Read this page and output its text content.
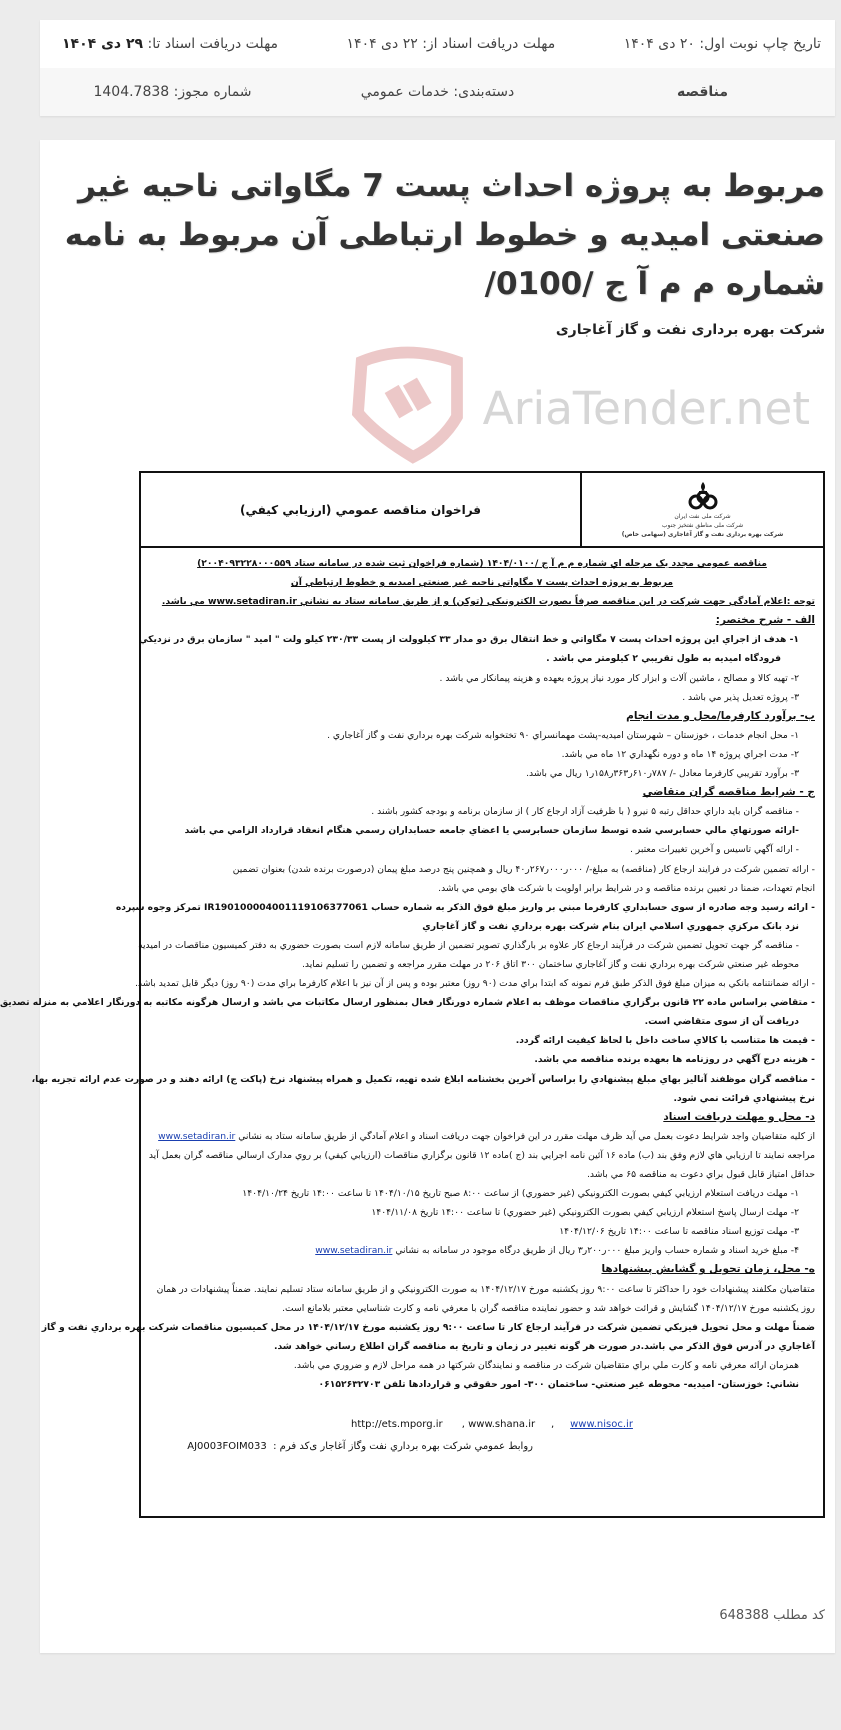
تاریخ چاپ نوبت اول: ۲۰ دی ۱۴۰۴
مهلت دریافت اسناد از: ۲۲ دی ۱۴۰۴
مهلت دریافت اسناد تا: ۲۹ دی ۱۴۰۴
مناقصه
دسته‌بندی: خدمات عمومي
شماره مجوز: 1404.7838
مربوط به پروژه احداث پست 7 مگاواتی ناحیه غیر صنعتی امیدیه و خطوط ارتباطی آن مربوط به نامه شماره م م آ ج /0100/
شرکت بهره برداری نفت و گاز آغاجاری
AriaTender.net
شرکت ملی نفت ایران
شرکت ملی مناطق نفتخیز جنوب
شرکت بهره برداری نفت و گاز آغاجاری (سهامی خاص)
فراخوان مناقصه عمومي (ارزيابي کيفي)
مناقصه عمومي مجدد يک مرحله اي شماره م م آ ج /۱۴۰۴/۰۱۰۰ (شماره فراخوان ثبت شده در سامانه ستاد ۲۰۰۴۰۹۳۲۲۸۰۰۰۵۵۹)
مربوط به پروژه احداث پست ۷ مگاواتي ناحيه غير صنعتي اميديه و خطوط ارتباطي آن
توجه :اعلام آمادگي جهت شرکت در اين مناقصه صرفاً بصورت الکترونيکي (توکن) و از طريق سامانه ستاد به نشاني www.setadiran.ir مي باشد.
الف - شرح مختصر:
۱- هدف از اجراي اين پروژه احداث پست ۷ مگاواتي و خط انتقال برق دو مدار ۳۳ کيلوولت از پست ۲۳۰/۳۳ کيلو ولت " اميد " سازمان برق در نزديکي
فرودگاه اميديه به طول تقريبي ۲ کيلومتر مي باشد .
۲- تهيه کالا و مصالح ، ماشين آلات و ابزار کار مورد نياز پروژه بعهده و هزينه پيمانکار مي باشد .
۳- پروژه تعديل پذير مي باشد .
ب- برآورد کارفرما/محل و مدت انجام
۱- محل انجام خدمات ، خوزستان – شهرستان اميديه-پشت مهمانسراي ۹۰ تختخوابه شرکت بهره برداري نفت و گاز آغاجاري .
۲- مدت اجراي پروژه ۱۴ ماه و دوره نگهداري ۱۲ ماه مي باشد.
۳- برآورد تقريبي کارفرما معادل -/ ۷۸۷ر۶۱۰ر۳۶۳ر۱۵۸ر۱ ريال مي باشد.
ج - شرايط مناقصه گران متقاضي
- مناقصه گران بايد داراي حداقل رتبه ۵ نيرو ( با ظرفيت آزاد ارجاع کار ) از سازمان برنامه و بودجه کشور باشند .
-ارائه صورتهاي مالي حسابرسي شده توسط سازمان حسابرسي يا اعضاي جامعه حسابداران رسمي هنگام انعقاد قرارداد الزامي مي باشد
- ارائه آگهي تاسيس و آخرين تغييرات معتبر .
- ارائه تضمين شرکت در فرايند ارجاع کار (مناقصه) به مبلغ-/ ۰۰۰ر۰۰۰ر۲۶۷ر۴۰ ريال و همچنين پنج درصد مبلغ پيمان (درصورت برنده شدن) بعنوان تضمين
انجام تعهدات، ضمنا در تعيين برنده مناقصه و در شرايط برابر اولويت با شرکت هاي بومي مي باشد.
- ارائه رسيد وجه صادره از سوی حسابداري کارفرما مبني بر واريز مبلغ فوق الذکر به شماره حساب IR190100004001119106377061 تمرکز وجوه سپرده
نزد بانک مرکزي جمهوري اسلامي ايران بنام شرکت بهره برداري نفت و گاز آغاجاري
- مناقصه گر جهت تحويل تضمين شرکت در فرآيند ارجاع کار علاوه بر بارگذاري تصوير تضمين از طريق سامانه لازم است بصورت حضوري به دفتر کميسيون مناقصات در اميديه
محوطه غير صنعتي شرکت بهره برداري نفت و گاز آغاجاري ساختمان ۳۰۰ اتاق ۲۰۶ در مهلت مقرر مراجعه و تضمين را تسليم نمايد.
- ارائه ضمانتنامه بانکي به ميزان مبلغ فوق الذکر طبق فرم نمونه که ابتدا براي مدت (۹۰ روز) معتبر بوده و پس از آن نيز با اعلام کارفرما براي مدت (۹۰ روز) ديگر قابل تمديد باشد.
- متقاضي براساس ماده ۲۲ قانون برگزاري مناقصات موظف به اعلام شماره دورنگار فعال بمنظور ارسال مکاتبات مي باشد و ارسال هرگونه مکاتبه به دورنگار اعلامي به منزله تصديق
دريافت آن از سوی متقاضي است.
- قيمت ها متناسب با کالاي ساخت داخل با لحاظ کيفيت ارائه گردد.
- هزينه درج آگهي در روزنامه ها بعهده برنده مناقصه مي باشد.
- مناقصه گران موظفند آناليز بهاي مبلغ پيشنهادي را براساس آخرين بخشنامه ابلاغ شده تهيه، تکميل و همراه پيشنهاد نرخ (پاکت ج) ارائه دهند و در صورت عدم ارائه تجزيه بها،
نرخ پيشنهادي قرائت نمي شود.
د- محل و مهلت دريافت اسناد
از کليه متقاضيان واجد شرايط دعوت بعمل مي آيد ظرف مهلت مقرر در اين فراخوان جهت دريافت اسناد و اعلام آمادگي از طريق سامانه ستاد به نشاني www.setadiran.ir
مراجعه نمايند تا ارزيابي هاي لازم وفق بند (ب) ماده ۱۶ آئين نامه اجرايي بند (ج )ماده ۱۲ قانون برگزاري مناقصات (ارزيابي کيفي) بر روي مدارک ارسالي مناقصه گران بعمل آيد
حداقل امتياز قابل قبول براي دعوت به مناقصه ۶۵ مي باشد.
۱- مهلت دريافت استعلام ارزيابي کيفي بصورت الکترونيکي (غير حضوري) از ساعت ۸:۰۰ صبح تاريخ ۱۴۰۴/۱۰/۱۵ تا ساعت ۱۴:۰۰ تاريخ ۱۴۰۴/۱۰/۲۴
۲- مهلت ارسال پاسخ استعلام ارزيابي کيفي بصورت الکترونيکي (غير حضوري) تا ساعت ۱۴:۰۰ تاريخ ۱۴۰۴/۱۱/۰۸
۳- مهلت توزيع اسناد مناقصه تا ساعت ۱۴:۰۰ تاريخ ۱۴۰۴/۱۲/۰۶
۴- مبلغ خريد اسناد و شماره حساب واريز مبلغ ۰۰۰ر۲۰۰ر۳ ريال از طريق درگاه موجود در سامانه به نشاني www.setadiran.ir
ه- محل، زمان تحويل و گشايش پيشنهادها
متقاضيان مکلفند پيشنهادات خود را حداکثر تا ساعت ۹:۰۰ روز يکشنبه مورخ ۱۴۰۴/۱۲/۱۷ به صورت الکترونيکي و از طريق سامانه ستاد تسليم نمايند. ضمناً پيشنهادات در همان
روز يکشنبه مورخ ۱۴۰۴/۱۲/۱۷ گشايش و قرائت خواهد شد و حضور نماينده مناقصه گران با معرفي نامه و کارت شناسايي معتبر بلامانع است.
ضمناً مهلت و محل تحويل فيزيکي تضمين شرکت در فرآيند ارجاع کار تا ساعت ۹:۰۰ روز يکشنبه مورخ ۱۴۰۴/۱۲/۱۷ در محل کميسيون مناقصات شرکت بهره برداري نفت و گاز
آغاجاري در آدرس فوق الذکر مي باشد.در صورت هر گونه تغيير در زمان و تاريخ به مناقصه گران اطلاع رساني خواهد شد.
همزمان ارائه معرفي نامه و کارت ملي براي متقاضيان شرکت در مناقصه و نمايندگان شرکتها در همه مراحل لازم و ضروري مي باشد.
نشاني: خوزستان- اميديه- محوطه غير صنعتي- ساختمان ۳۰۰- امور حقوقي و قراردادها تلفن ۰۶۱۵۲۶۳۲۷۰۳
http://ets.mporg.ir , www.shana.ir , www.nisoc.ir
روابط عمومي شرکت بهره برداري نفت وگاز آغاجار ی
کد فرم :  AJ0003FOIM033
کد مطلب 648388
